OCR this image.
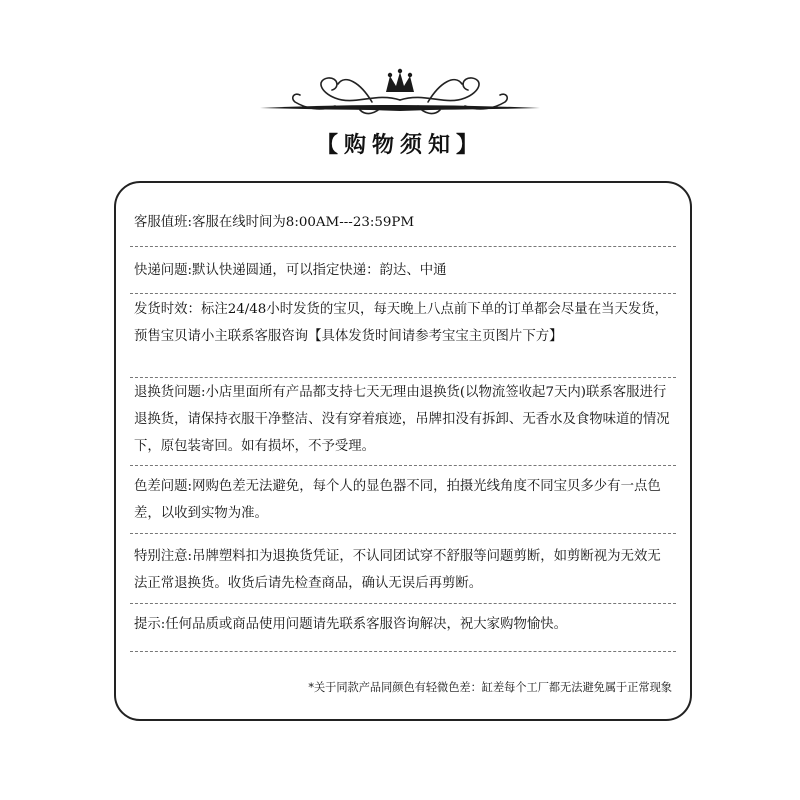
【购物须知】
客服值班:客服在线时间为8:00AM---23:59PM
快递问题:默认快递圆通，可以指定快递：韵达、中通
发货时效：标注24/48小时发货的宝贝，每天晚上八点前下单的订单都会尽量在当天发货，预售宝贝请小主联系客服咨询【具体发货时间请参考宝宝主页图片下方】
退换货问题:小店里面所有产品都支持七天无理由退换货(以物流签收起7天内)联系客服进行退换货，请保持衣服干净整洁、没有穿着痕迹，吊牌扣没有拆卸、无香水及食物味道的情况下，原包装寄回。如有损坏，不予受理。
色差问题:网购色差无法避免，每个人的显色器不同，拍摄光线角度不同宝贝多少有一点色差，以收到实物为准。
特别注意:吊牌塑料扣为退换货凭证，不认同团试穿不舒服等问题剪断，如剪断视为无效无法正常退换货。收货后请先检查商品，确认无误后再剪断。
提示:任何品质或商品使用问题请先联系客服咨询解决，祝大家购物愉快。
*关于同款产品同颜色有轻微色差：缸差每个工厂都无法避免属于正常现象
